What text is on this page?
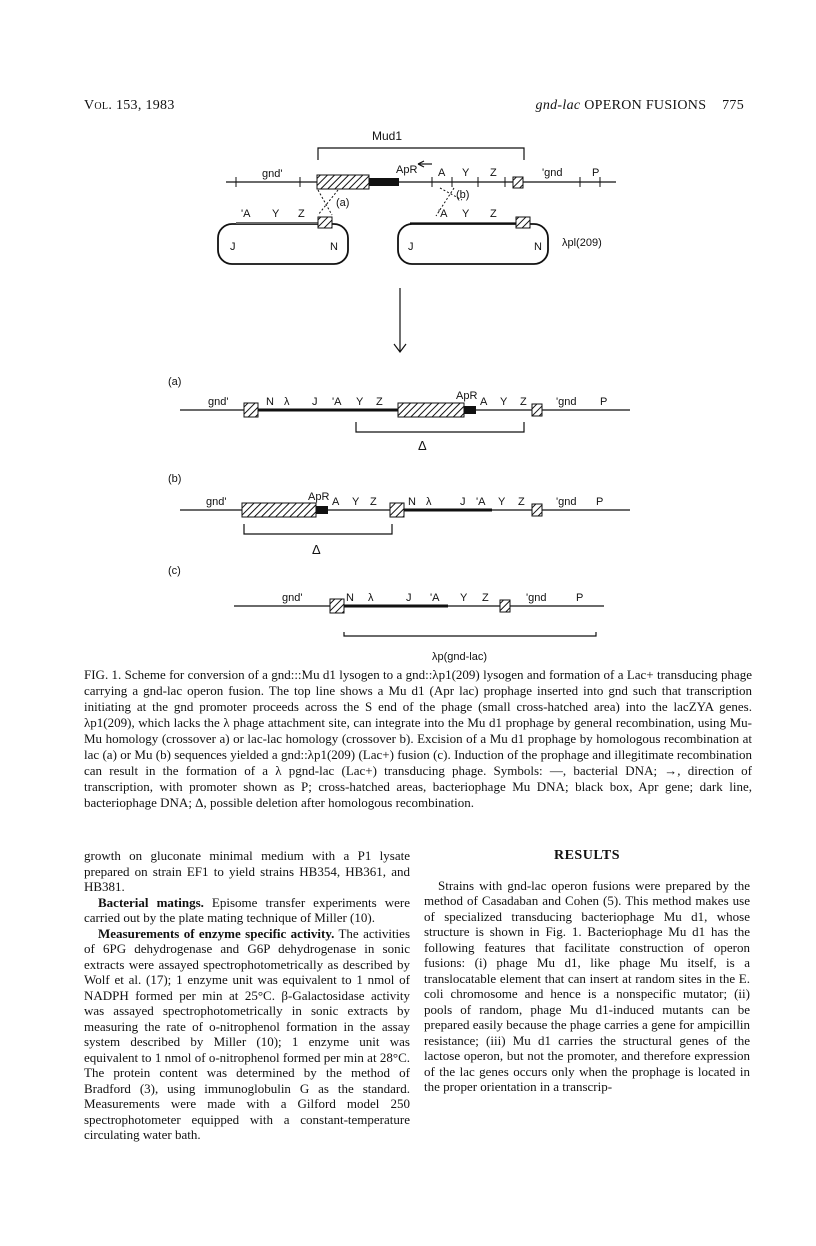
Vol. 153, 1983	gnd-lac OPERON FUSIONS 775
Mud1
gnd'	ApR A Y Z	'gnd	P
(a)
(b)
'A Y Z
J	N
'A Y Z
J	N λpl(209)
(a)
gnd'	N λ J 'A Y Z	ApR A Y Z	'gnd P
Δ
(b)
gnd'	ApR A Y Z	N λ	J 'A Y Z	'gnd P
Δ
(c)
gnd'	N λ	J 'A Y Z	'gnd	P
λp(gnd-lac)
FIG. 1. Scheme for conversion of a gnd:::Mu d1 lysogen to a gnd::λp1(209) lysogen and formation of a Lac+ transducing phage carrying a gnd-lac operon fusion. The top line shows a Mu d1 (Apr lac) prophage inserted into gnd such that transcription initiating at the gnd promoter proceeds across the S end of the phage (small cross-hatched area) into the lacZYA genes. λp1(209), which lacks the λ phage attachment site, can integrate into the Mu d1 prophage by general recombination, using Mu-Mu homology (crossover a) or lac-lac homology (crossover b). Excision of a Mu d1 prophage by homologous recombination at lac (a) or Mu (b) sequences yielded a gnd::λp1(209) (Lac+) fusion (c). Induction of the prophage and illegitimate recombination can result in the formation of a λ pgnd-lac (Lac+) transducing phage. Symbols: —, bacterial DNA; →, direction of transcription, with promoter shown as P; cross-hatched areas, bacteriophage Mu DNA; black box, Apr gene; dark line, bacteriophage DNA; Δ, possible deletion after homologous recombination.

growth on gluconate minimal medium with a P1 lysate prepared on strain EF1 to yield strains HB354, HB361, and HB381.

Bacterial matings. Episome transfer experiments were carried out by the plate mating technique of Miller (10).

Measurements of enzyme specific activity. The activities of 6PG dehydrogenase and G6P dehydrogenase in sonic extracts were assayed spectrophotometrically as described by Wolf et al. (17); 1 enzyme unit was equivalent to 1 nmol of NADPH formed per min at 25°C. β-Galactosidase activity was assayed spectrophotometrically in sonic extracts by measuring the rate of o-nitrophenol formation in the assay system described by Miller (10); 1 enzyme unit was equivalent to 1 nmol of o-nitrophenol formed per min at 28°C. The protein content was determined by the method of Bradford (3), using immunoglobulin G as the standard. Measurements were made with a Gilford model 250 spectrophotometer equipped with a constant-temperature circulating water bath.

RESULTS

Strains with gnd-lac operon fusions were prepared by the method of Casadaban and Cohen (5). This method makes use of specialized transducing bacteriophage Mu d1, whose structure is shown in Fig. 1. Bacteriophage Mu d1 has the following features that facilitate construction of operon fusions: (i) phage Mu d1, like phage Mu itself, is a translocatable element that can insert at random sites in the E. coli chromosome and hence is a nonspecific mutator; (ii) pools of random, phage Mu d1-induced mutants can be prepared easily because the phage carries a gene for ampicillin resistance; (iii) Mu d1 carries the structural genes of the lactose operon, but not the promoter, and therefore expression of the lac genes occurs only when the prophage is located in the proper orientation in a transcrip-
